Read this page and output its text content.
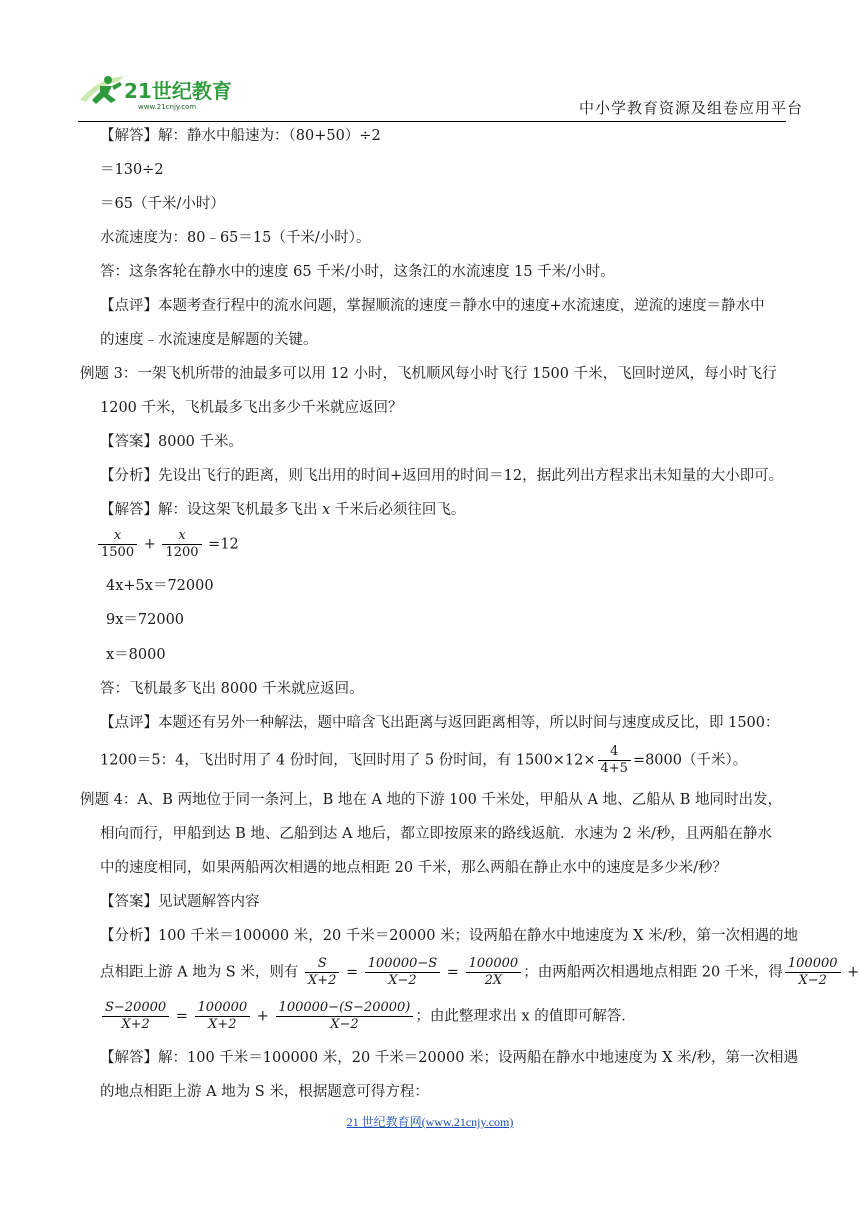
21世纪教育
www.21cnjy.com	中小学教育资源及组卷应用平台
【解答】解：静水中船速为：（80+50）÷2
＝130÷2
＝65（千米/小时）
水流速度为：80﹣65＝15（千米/小时）。
答：这条客轮在静水中的速度 65 千米/小时，这条江的水流速度 15 千米/小时。
【点评】本题考查行程中的流水问题，掌握顺流的速度＝静水中的速度+水流速度，逆流的速度＝静水中
的速度﹣水流速度是解题的关键。
例题 3：一架飞机所带的油最多可以用 12 小时，飞机顺风每小时飞行 1500 千米，飞回时逆风，每小时飞行
1200 千米，飞机最多飞出多少千米就应返回？
【答案】8000 千米。
【分析】先设出飞行的距离，则飞出用的时间+返回用的时间＝12，据此列出方程求出未知量的大小即可。
【解答】解：设这架飞机最多飞出 x 千米后必须往回飞。
$\frac{x}{1500} + \frac{x}{1200} =12$
4x+5x＝72000
9x＝72000
x＝8000
答：飞机最多飞出 8000 千米就应返回。
【点评】本题还有另外一种解法，题中暗含飞出距离与返回距离相等，所以时间与速度成反比，即 1500：
1200＝5：4，飞出时用了 4 份时间，飞回时用了 5 份时间，有 $1500\times 12\times \frac{4}{4+5} =8000$（千米）。
例题 4：A、B 两地位于同一条河上，B 地在 A 地的下游 100 千米处，甲船从 A 地、乙船从 B 地同时出发，
相向而行，甲船到达 B 地、乙船到达 A 地后，都立即按原来的路线返航．水速为 2 米/秒，且两船在静水
中的速度相同，如果两船两次相遇的地点相距 20 千米，那么两船在静止水中的速度是多少米/秒？
【答案】见试题解答内容
【分析】100 千米＝100000 米，20 千米＝20000 米；设两船在静水中地速度为 X 米/秒，第一次相遇的地
点相距上游 A 地为 S 米，则有 $\frac{S}{X+2} = \frac{100000-S}{X-2} = \frac{100000}{2X}$ ；由两船两次相遇地点相距 20 千米，得 $\frac{100000}{X-2}$ +
$\frac{S-20000}{X+2} = \frac{100000}{X+2} + \frac{100000-(S-20000)}{X-2}$ ；由此整理求出 x 的值即可解答．
【解答】解：100 千米＝100000 米，20 千米＝20000 米；设两船在静水中地速度为 X 米/秒，第一次相遇
的地点相距上游 A 地为 S 米，根据题意可得方程：
21 世纪教育网(www.21cnjy.com)
